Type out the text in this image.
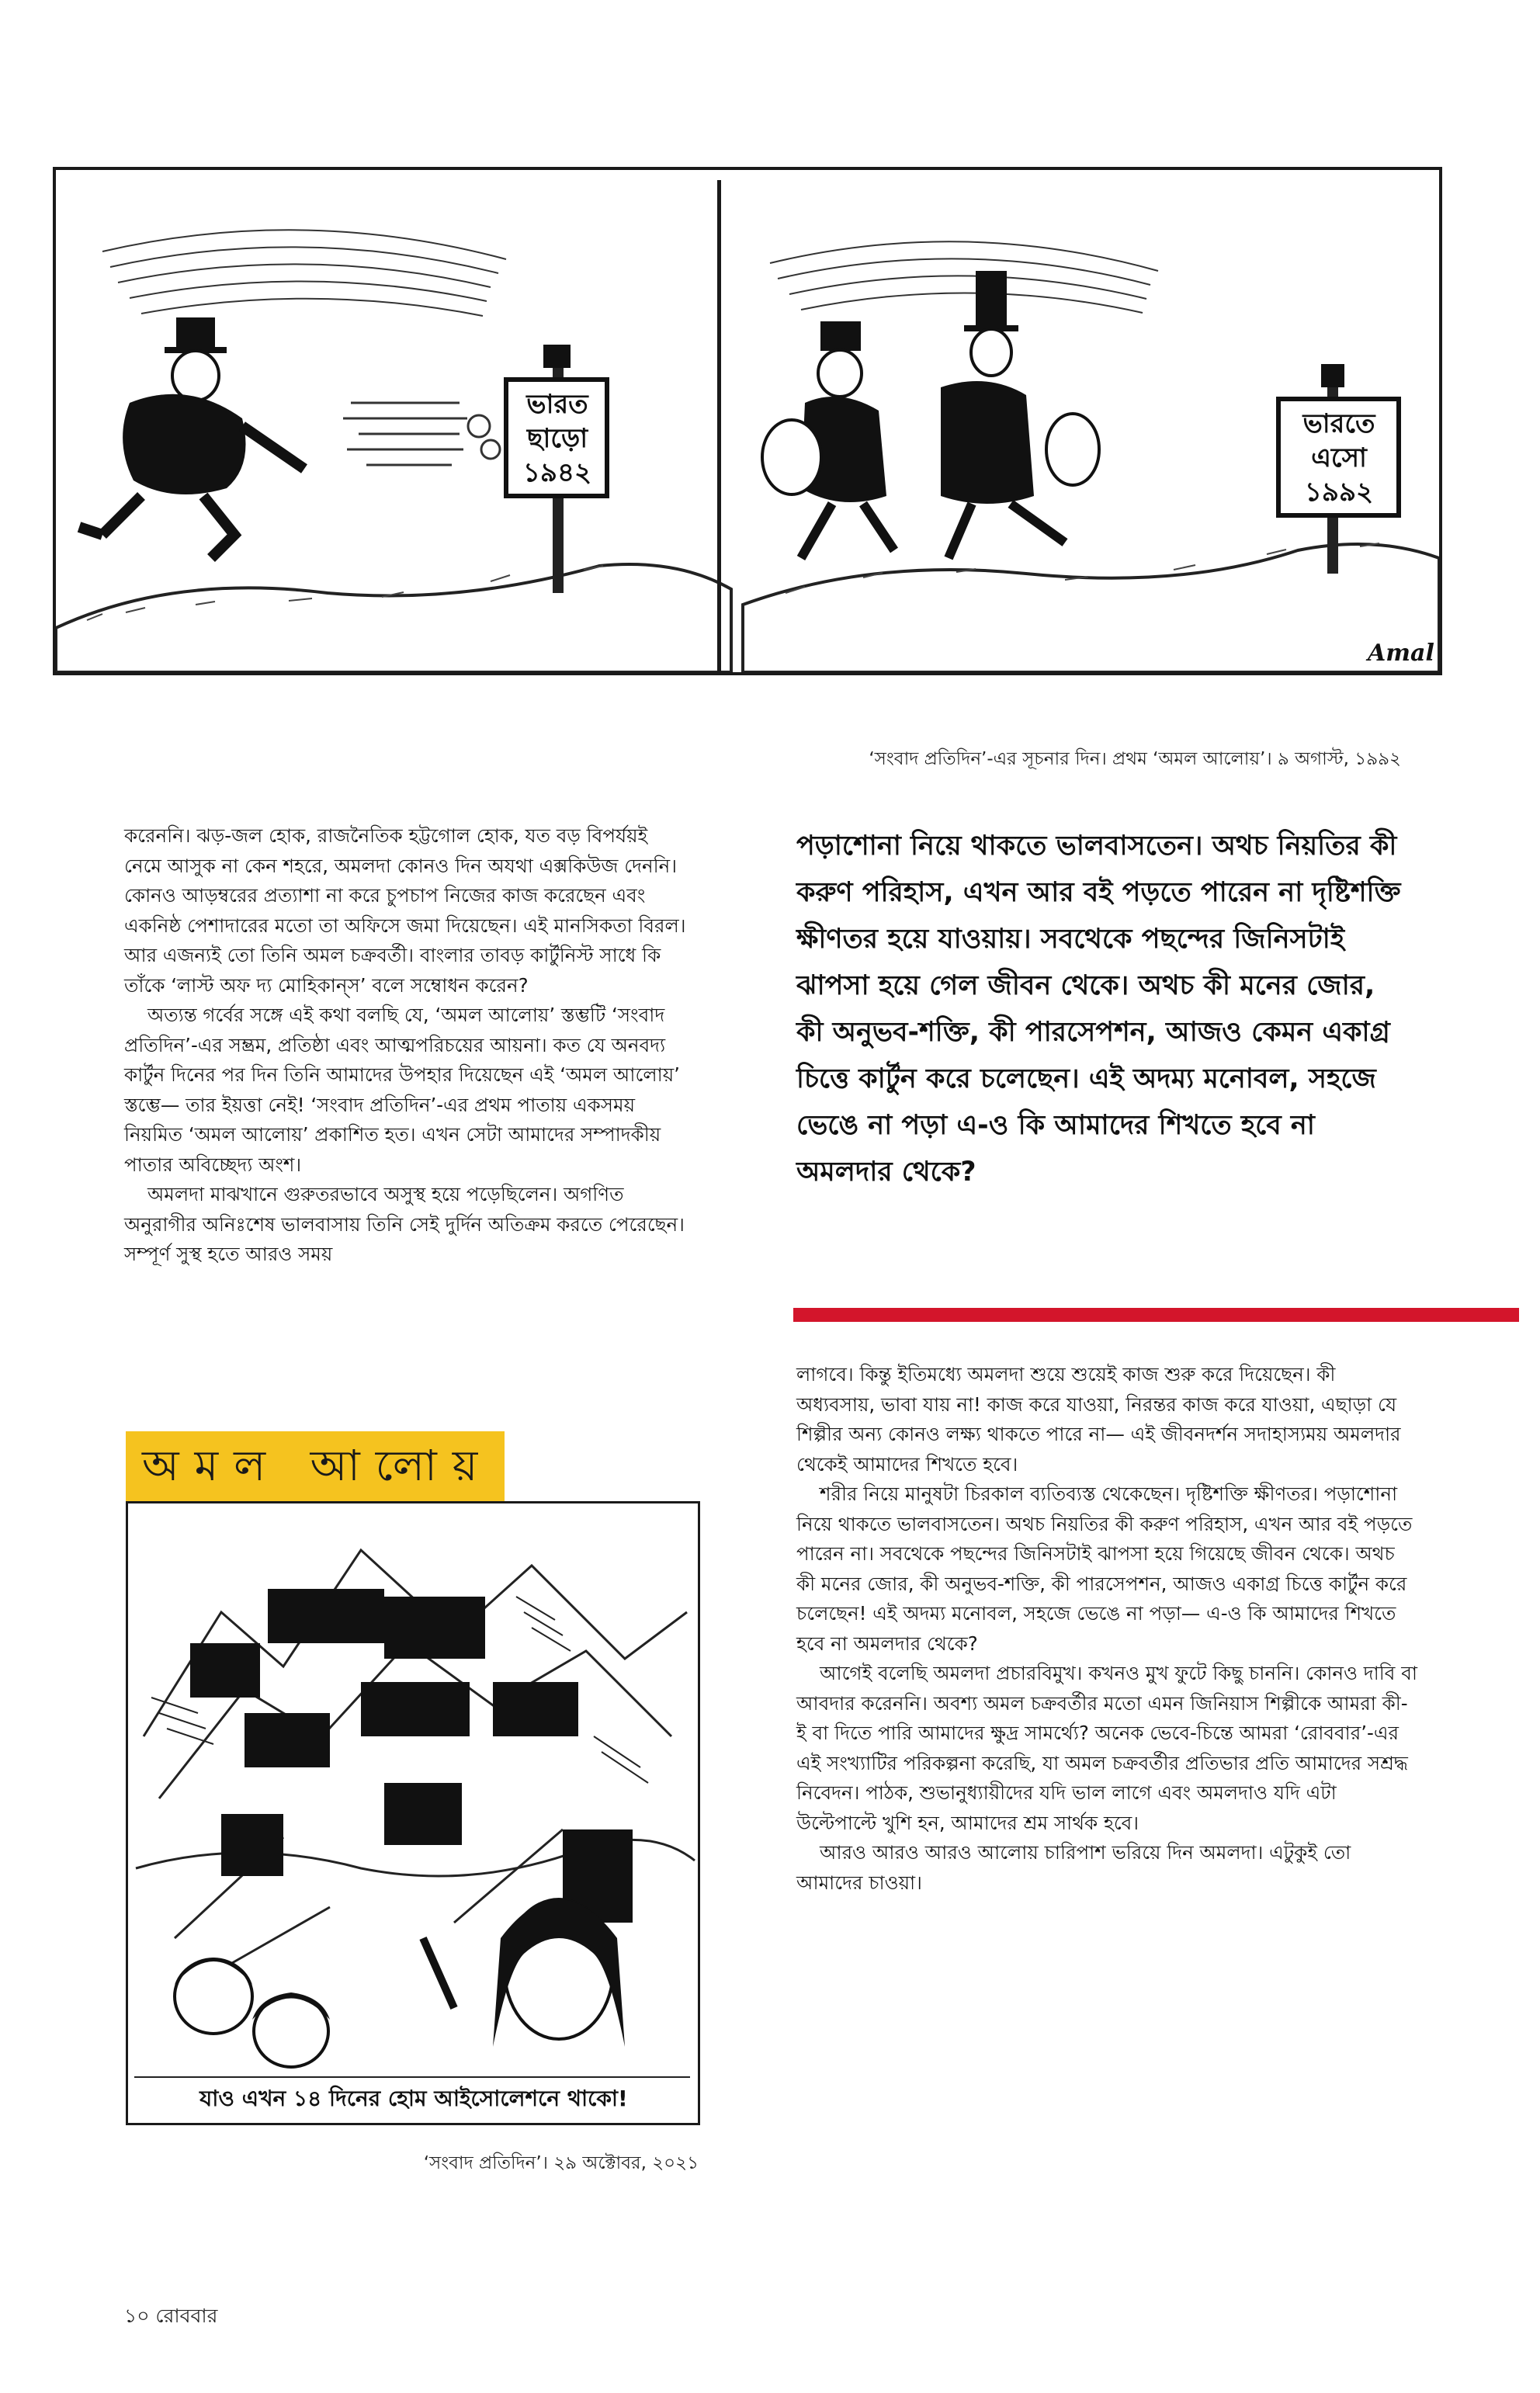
ভারত
ছাড়ো
১৯৪২
ভারতে
এসো
১৯৯২
Amal
‘সংবাদ প্রতিদিন’-এর সূচনার দিন। প্রথম ‘অমল আলোয়’। ৯ অগাস্ট, ১৯৯২

করেননি। ঝড়-জল হোক, রাজনৈতিক হট্টগোল হোক, যত বড় বিপর্যয়ই নেমে আসুক না কেন শহরে, অমলদা কোনও দিন অযথা এক্সকিউজ দেননি। কোনও আড়ম্বরের প্রত্যাশা না করে চুপচাপ নিজের কাজ করেছেন এবং একনিষ্ঠ পেশাদারের মতো তা অফিসে জমা দিয়েছেন। এই মানসিকতা বিরল। আর এজন্যই তো তিনি অমল চক্রবর্তী। বাংলার তাবড় কার্টুনিস্ট সাধে কি তাঁকে ‘লাস্ট অফ দ্য মোহিকান্‌স’ বলে সম্বোধন করেন?

অত্যন্ত গর্বের সঙ্গে এই কথা বলছি যে, ‘অমল আলোয়’ স্তম্ভটি ‘সংবাদ প্রতিদিন’-এর সম্ভ্রম, প্রতিষ্ঠা এবং আত্মপরিচয়ের আয়না। কত যে অনবদ্য কার্টুন দিনের পর দিন তিনি আমাদের উপহার দিয়েছেন এই ‘অমল আলোয়’ স্তম্ভে— তার ইয়ত্তা নেই! ‘সংবাদ প্রতিদিন’-এর প্রথম পাতায় একসময় নিয়মিত ‘অমল আলোয়’ প্রকাশিত হত। এখন সেটা আমাদের সম্পাদকীয় পাতার অবিচ্ছেদ্য অংশ।

অমলদা মাঝখানে গুরুতরভাবে অসুস্থ হয়ে পড়েছিলেন। অগণিত অনুরাগীর অনিঃশেষ ভালবাসায় তিনি সেই দুর্দিন অতিক্রম করতে পেরেছেন। সম্পূর্ণ সুস্থ হতে আরও সময়

পড়াশোনা নিয়ে থাকতে ভালবাসতেন। অথচ নিয়তির কী করুণ পরিহাস, এখন আর বই পড়তে পারেন না দৃষ্টিশক্তি ক্ষীণতর হয়ে যাওয়ায়। সবথেকে পছন্দের জিনিসটাই ঝাপসা হয়ে গেল জীবন থেকে। অথচ কী মনের জোর, কী অনুভব-শক্তি, কী পারসেপশন, আজও কেমন একাগ্র চিত্তে কার্টুন করে চলেছেন। এই অদম্য মনোবল, সহজে ভেঙে না পড়া এ-ও কি আমাদের শিখতে হবে না অমলদার থেকে?

লাগবে। কিন্তু ইতিমধ্যে অমলদা শুয়ে শুয়েই কাজ শুরু করে দিয়েছেন। কী অধ্যবসায়, ভাবা যায় না! কাজ করে যাওয়া, নিরন্তর কাজ করে যাওয়া, এছাড়া যে শিল্পীর অন্য কোনও লক্ষ্য থাকতে পারে না— এই জীবনদর্শন সদাহাস্যময় অমলদার থেকেই আমাদের শিখতে হবে।

শরীর নিয়ে মানুষটা চিরকাল ব্যতিব্যস্ত থেকেছেন। দৃষ্টিশক্তি ক্ষীণতর। পড়াশোনা নিয়ে থাকতে ভালবাসতেন। অথচ নিয়তির কী করুণ পরিহাস, এখন আর বই পড়তে পারেন না। সবথেকে পছন্দের জিনিসটাই ঝাপসা হয়ে গিয়েছে জীবন থেকে। অথচ কী মনের জোর, কী অনুভব-শক্তি, কী পারসেপশন, আজও একাগ্র চিত্তে কার্টুন করে চলেছেন! এই অদম্য মনোবল, সহজে ভেঙে না পড়া— এ-ও কি আমাদের শিখতে হবে না অমলদার থেকে?

আগেই বলেছি অমলদা প্রচারবিমুখ। কখনও মুখ ফুটে কিছু চাননি। কোনও দাবি বা আবদার করেননি। অবশ্য অমল চক্রবর্তীর মতো এমন জিনিয়াস শিল্পীকে আমরা কী-ই বা দিতে পারি আমাদের ক্ষুদ্র সামর্থ্যে? অনেক ভেবে-চিন্তে আমরা ‘রোববার’-এর এই সংখ্যাটির পরিকল্পনা করেছি, যা অমল চক্রবর্তীর প্রতিভার প্রতি আমাদের সশ্রদ্ধ নিবেদন। পাঠক, শুভানুধ্যায়ীদের যদি ভাল লাগে এবং অমলদাও যদি এটা উল্টেপাল্টে খুশি হন, আমাদের শ্রম সার্থক হবে।

আরও আরও আরও আলোয় চারিপাশ ভরিয়ে দিন অমলদা। এটুকুই তো আমাদের চাওয়া।

অমল আলোয়
যাও এখন ১৪ দিনের হোম আইসোলেশনে থাকো!
‘সংবাদ প্রতিদিন’। ২৯ অক্টোবর, ২০২১
১০ রোববার
